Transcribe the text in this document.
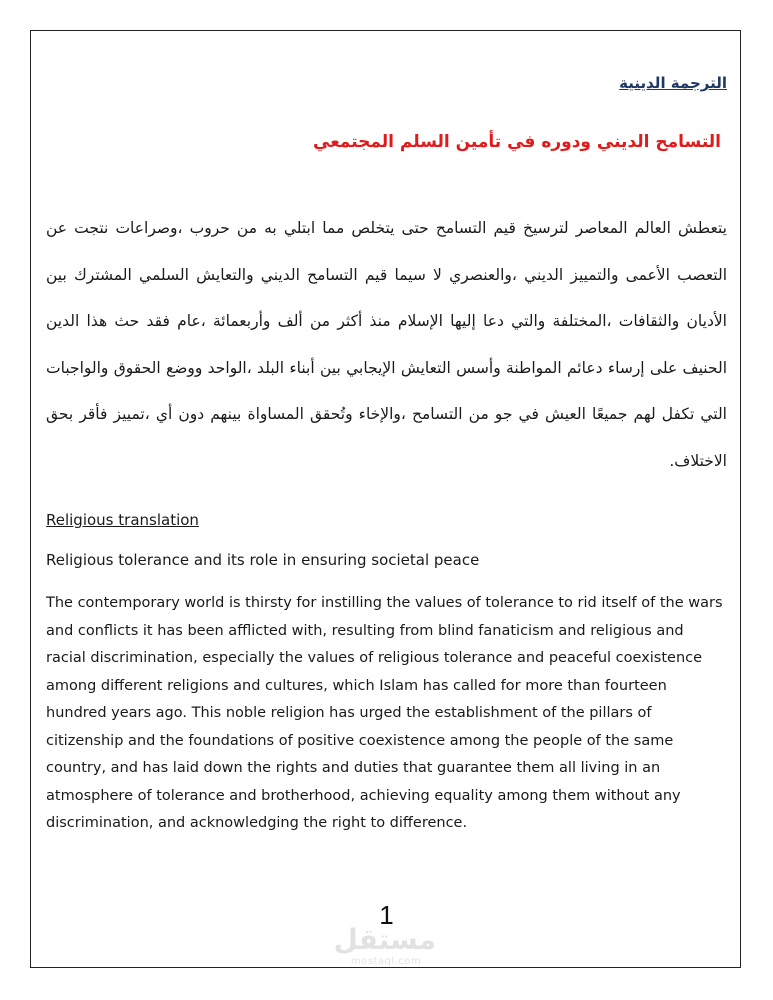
الترجمة الدينية
التسامح الديني ودوره في تأمين السلم المجتمعي
يتعطش العالم المعاصر لترسيخ قيم التسامح حتى يتخلص مما ابتلي به من حروب ،وصراعات نتجت عن التعصب الأعمى والتمييز الديني ،والعنصري لا سيما قيم التسامح الديني والتعايش السلمي المشترك بين الأديان والثقافات ،المختلفة والتي دعا إليها الإسلام منذ أكثر من ألف وأربعمائة ،عام فقد حث هذا الدين الحنيف على إرساء دعائم المواطنة وأسس التعايش الإيجابي بين أبناء البلد ،الواحد ووضع الحقوق والواجبات التي تكفل لهم جميعًا العيش في جو من التسامح ،والإخاء وتُحقق المساواة بينهم دون أي ،تمييز فأقر بحق الاختلاف.
Religious translation
Religious tolerance and its role in ensuring societal peace
The contemporary world is thirsty for instilling the values of tolerance to rid itself of the wars and conflicts it has been afflicted with, resulting from blind fanaticism and religious and racial discrimination, especially the values of religious tolerance and peaceful coexistence among different religions and cultures, which Islam has called for more than fourteen hundred years ago. This noble religion has urged the establishment of the pillars of citizenship and the foundations of positive coexistence among the people of the same country, and has laid down the rights and duties that guarantee them all living in an atmosphere of tolerance and brotherhood, achieving equality among them without any discrimination, and acknowledging the right to difference.
1
مستقل
mostaql.com
